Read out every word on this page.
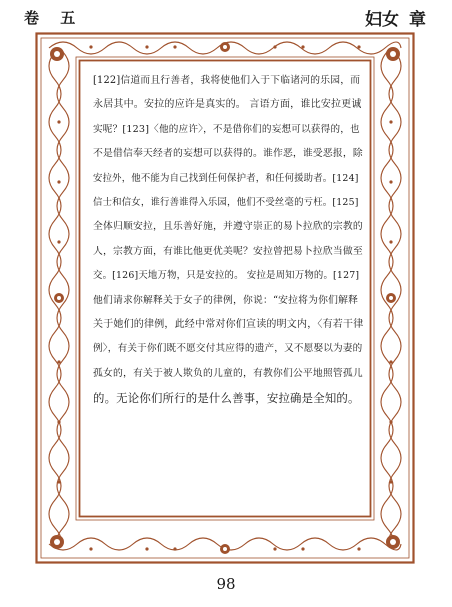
卷 五	妇女 章
[122]信道而且行善者，我将使他们入于下临诸河的乐园，而
永居其中。安拉的应许是真实的。 言语方面，谁比安拉更诚
实呢？[123]〈他的应许〉，不是借你们的妄想可以获得的，也
不是借信奉天经者的妄想可以获得的。谁作恶，谁受恶报，除
安拉外，他不能为自己找到任何保护者，和任何援助者。[124]
信士和信女，谁行善谁得入乐园，他们不受丝毫的亏枉。[125]
全体归顺安拉，且乐善好施，并遵守崇正的易卜拉欣的宗教的
人，宗教方面，有谁比他更优美呢？安拉曾把易卜拉欣当做至
交。[126]天地万物，只是安拉的。 安拉是周知万物的。[127]
他们请求你解释关于女子的律例，你说：“安拉将为你们解释
关于她们的律例，此经中常对你们宣读的明文内，〈有若干律
例〉，有关于你们既不愿交付其应得的遗产，又不愿娶以为妻的
孤女的，有关于被人欺负的儿童的，有教你们公平地照管孤儿
的。无论你们所行的是什么善事，安拉确是全知的。
98
